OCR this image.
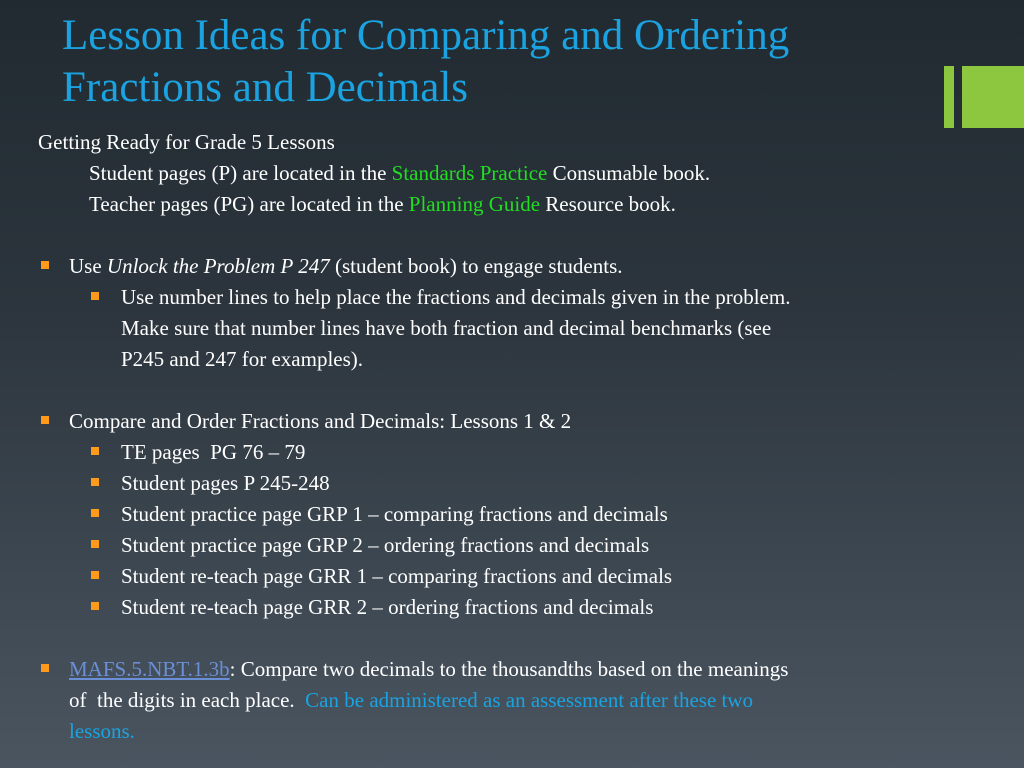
Lesson Ideas for Comparing and Ordering
Fractions and Decimals
Getting Ready for Grade 5 Lessons
Student pages (P) are located in the Standards Practice Consumable book.
Teacher pages (PG) are located in the Planning Guide Resource book.
Use Unlock the Problem P 247 (student book) to engage students.
Use number lines to help place the fractions and decimals given in the problem.
Make sure that number lines have both fraction and decimal benchmarks (see
P245 and 247 for examples).
Compare and Order Fractions and Decimals: Lessons 1 & 2
TE pages  PG 76 – 79
Student pages P 245-248
Student practice page GRP 1 – comparing fractions and decimals
Student practice page GRP 2 – ordering fractions and decimals
Student re-teach page GRR 1 – comparing fractions and decimals
Student re-teach page GRR 2 – ordering fractions and decimals
MAFS.5.NBT.1.3b: Compare two decimals to the thousandths based on the meanings
of  the digits in each place.  Can be administered as an assessment after these two
lessons.
